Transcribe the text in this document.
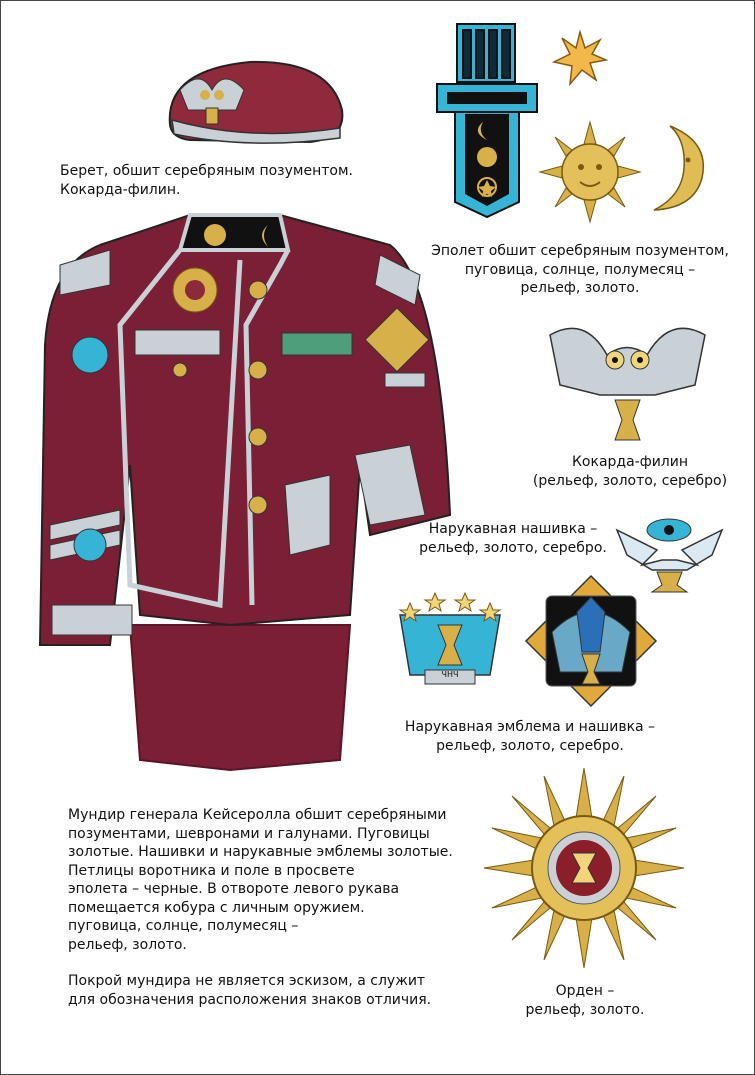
Берет, обшит серебряным позументом.
Кокарда-филин.
Эполет обшит серебряным позументом,
пуговица, солнце, полумесяц –
рельеф, золото.
Кокарда-филин
(рельеф, золото, серебро)
Нарукавная нашивка –
рельеф, золото, серебро.
ЧНЧ
Нарукавная эмблема и нашивка –
рельеф, золото, серебро.
Мундир генерала Кейсеролла обшит серебряными
позументами, шевронами и галунами. Пуговицы
золотые. Нашивки и нарукавные эмблемы золотые.
Петлицы воротника и поле в просвете
эполета – черные. В отвороте левого рукава
помещается кобура с личным оружием.
пуговица, солнце, полумесяц –
рельеф, золото.
Покрой мундира не является эскизом, а служит
для обозначения расположения знаков отличия.
Орден –
рельеф, золото.
